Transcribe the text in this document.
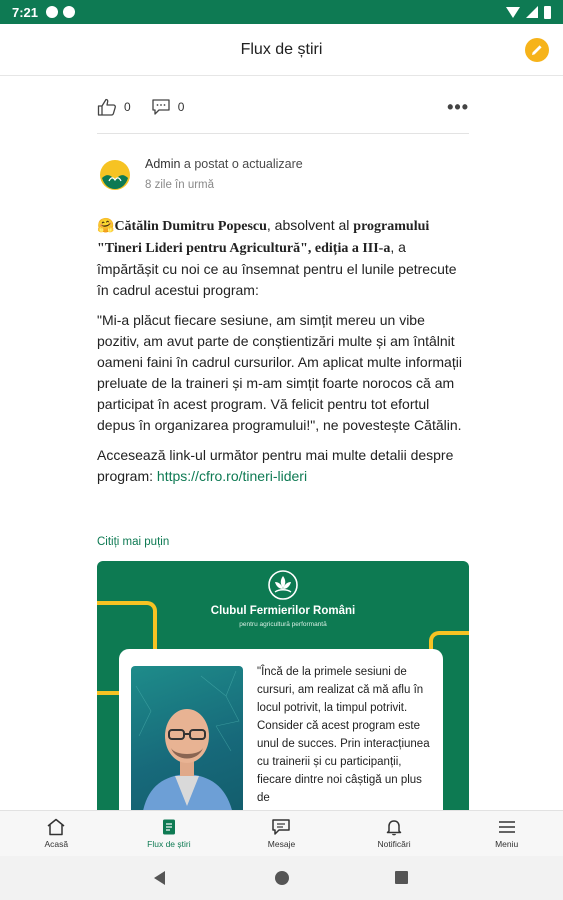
7:21
Flux de știri
0	0	•••
Admin a postat o actualizare
8 zile în urmă

🤗Cătălin Dumitru Popescu, absolvent al programului "Tineri Lideri pentru Agricultură", ediția a III-a, a împărtășit cu noi ce au însemnat pentru el lunile petrecute în cadrul acestui program:

"Mi-a plăcut fiecare sesiune, am simțit mereu un vibe pozitiv, am avut parte de conștientizări multe și am întâlnit oameni faini în cadrul cursurilor. Am aplicat multe informații preluate de la traineri și m-am simțit foarte norocos că am participat în acest program. Vă felicit pentru tot efortul depus în organizarea programului!", ne povestește Cătălin.

Accesează link-ul următor pentru mai multe detalii despre program: https://cfro.ro/tineri-lideri

Citiți mai puțin
Clubul Fermierilor Români
pentru agricultură performantă
"Încă de la primele sesiuni de cursuri, am realizat că mă aflu în locul potrivit, la timpul potrivit. Consider că acest program este unul de succes. Prin interacțiunea cu trainerii și cu participanții, fiecare dintre noi câștigă un plus de
Acasă	Flux de știri	Mesaje	Notificări	Meniu
